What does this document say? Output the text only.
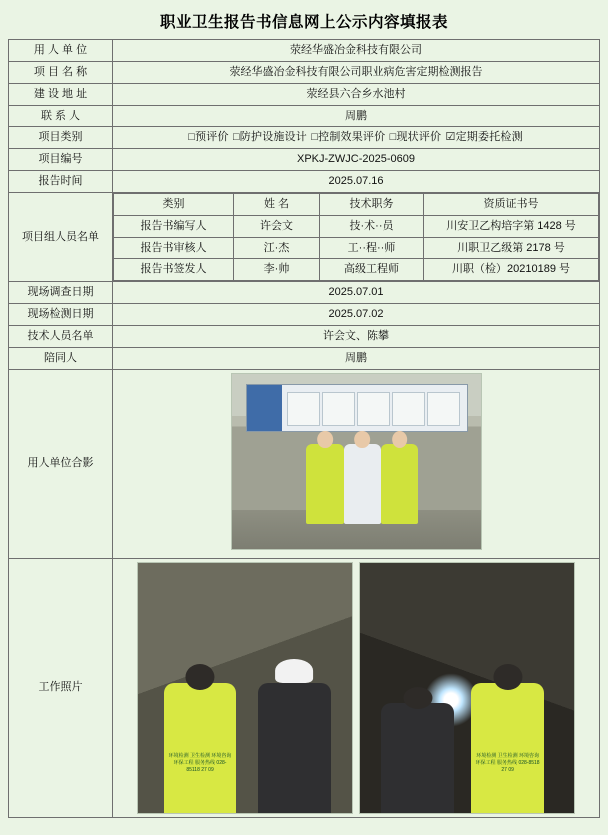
职业卫生报告书信息网上公示内容填报表
用 人 单 位	荥经华盛冶金科技有限公司
项 目 名 称	荥经华盛冶金科技有限公司职业病危害定期检测报告
建 设 地 址	荥经县六合乡水池村
联 系 人	周鹏
项目类别	□预评价 □防护设施设计 □控制效果评价 □现状评价 ☑定期委托检测
项目编号	XPKJ-ZWJC-2025-0609
报告时间	2025.07.16
项目组人员名单	
类别	姓 名	技术职务	资质证书号
报告书编写人	许会文	技·术··员	川安卫乙构培字第 1428 号
报告书审核人	江·杰	工··程··师	川职卫乙级第 2178 号
报告书签发人	李·帅	高级工程师	川职（检）20210189 号

现场调查日期	2025.07.01
现场检测日期	2025.07.02
技术人员名单	许会文、陈攀
陪同人	周鹏
用人单位合影	

工作照片	
环境检测 卫生检测 环境咨询 环保工程 服务热线 028-85118 27 09
环境检测 卫生检测 环境咨询 环保工程 服务热线 028-8518 27 09
